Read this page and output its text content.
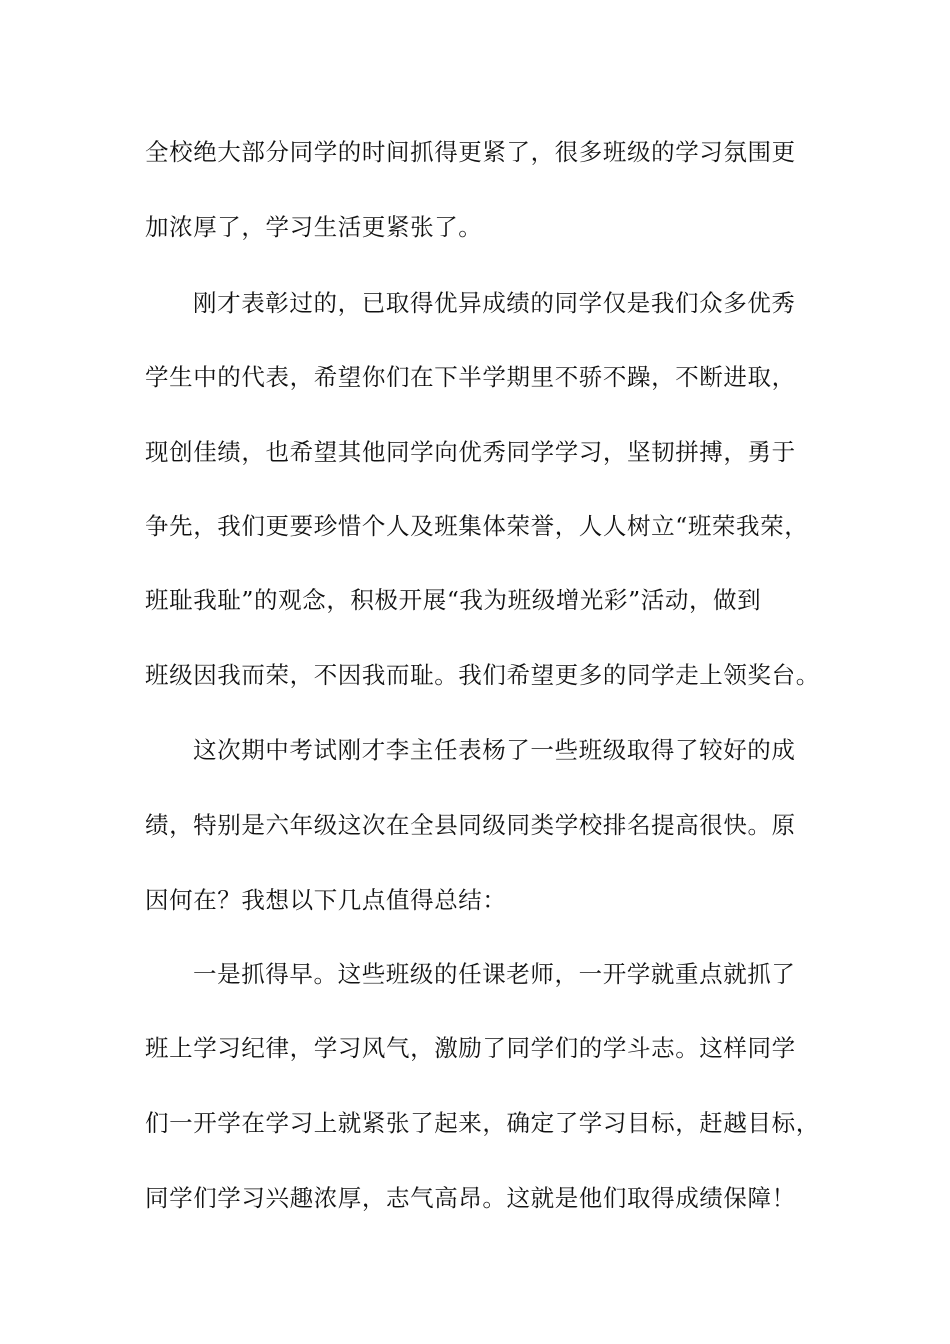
全校绝大部分同学的时间抓得更紧了，很多班级的学习氛围更
加浓厚了，学习生活更紧张了。
刚才表彰过的，已取得优异成绩的同学仅是我们众多优秀
学生中的代表，希望你们在下半学期里不骄不躁，不断进取，
现创佳绩，也希望其他同学向优秀同学学习，坚韧拼搏，勇于
争先，我们更要珍惜个人及班集体荣誉，人人树立“班荣我荣，
班耻我耻”的观念，积极开展“我为班级增光彩”活动，做到
班级因我而荣，不因我而耻。我们希望更多的同学走上领奖台。
这次期中考试刚才李主任表杨了一些班级取得了较好的成
绩，特别是六年级这次在全县同级同类学校排名提高很快。原
因何在？我想以下几点值得总结：
一是抓得早。这些班级的任课老师，一开学就重点就抓了
班上学习纪律，学习风气，激励了同学们的学斗志。这样同学
们一开学在学习上就紧张了起来，确定了学习目标，赶越目标，
同学们学习兴趣浓厚，志气高昂。这就是他们取得成绩保障！
